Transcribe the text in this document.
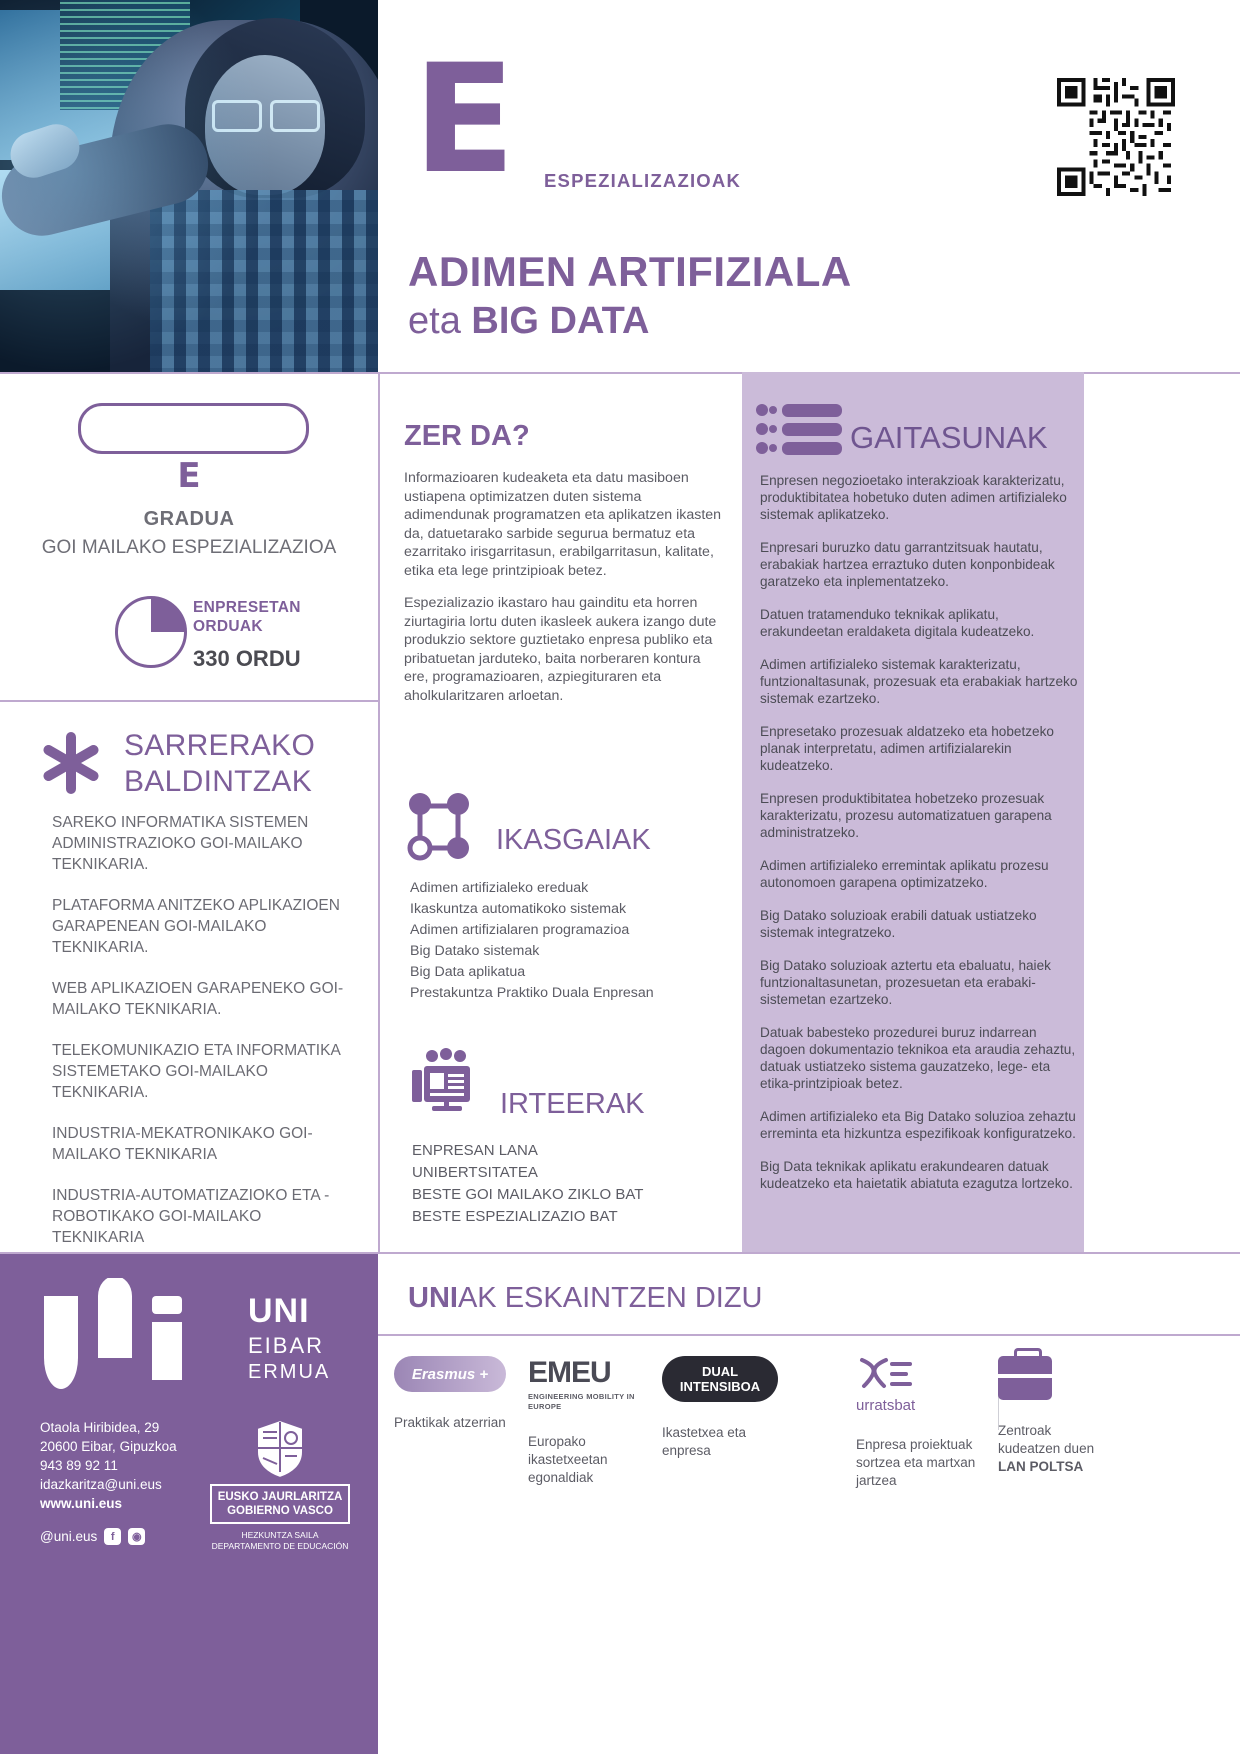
E ESPEZIALIZAZIOAK
ADIMEN ARTIFIZIALA
eta BIG DATA
E
GRADUA
GOI MAILAKO ESPEZIALIZAZIOA
ENPRESETAN
ORDUAK
330 ORDU
SARRERAKO
BALDINTZAK

SAREKO INFORMATIKA SISTEMEN ADMINISTRAZIOKO GOI-MAILAKO TEKNIKARIA.

PLATAFORMA ANITZEKO APLIKAZIOEN GARAPENEAN GOI-MAILAKO TEKNIKARIA.

WEB APLIKAZIOEN GARAPENEKO GOI-MAILAKO TEKNIKARIA.

TELEKOMUNIKAZIO ETA INFORMATIKA SISTEMETAKO GOI-MAILAKO TEKNIKARIA.

INDUSTRIA-MEKATRONIKAKO GOI-MAILAKO TEKNIKARIA

INDUSTRIA-AUTOMATIZAZIOKO ETA -ROBOTIKAKO GOI-MAILAKO TEKNIKARIA

ZER DA?

Informazioaren kudeaketa eta datu masiboen ustiapena optimizatzen duten sistema adimendunak programatzen eta aplikatzen ikasten da, datuetarako sarbide segurua bermatuz eta ezarritako irisgarritasun, erabilgarritasun, kalitate, etika eta lege printzipioak betez.

Espezializazio ikastaro hau gainditu eta horren ziurtagiria lortu duten ikasleek aukera izango dute produkzio sektore guztietako enpresa publiko eta pribatuetan jarduteko, baita norberaren kontura ere, programazioaren, azpiegituraren eta aholkularitzaren arloetan.

IKASGAIAK
Adimen artifizialeko ereduak
Ikaskuntza automatikoko sistemak
Adimen artifizialaren programazioa
Big Datako sistemak
Big Data aplikatua
Prestakuntza Praktiko Duala Enpresan
IRTEERAK
ENPRESAN LANA
UNIBERTSITATEA
BESTE GOI MAILAKO ZIKLO BAT
BESTE ESPEZIALIZAZIO BAT
GAITASUNAK

Enpresen negozioetako interakzioak karakterizatu, produktibitatea hobetuko duten adimen artifizialeko sistemak aplikatzeko.

Enpresari buruzko datu garrantzitsuak hautatu, erabakiak hartzea erraztuko duten konponbideak garatzeko eta inplementatzeko.

Datuen tratamenduko teknikak aplikatu, erakundeetan eraldaketa digitala kudeatzeko.

Adimen artifizialeko sistemak karakterizatu, funtzionaltasunak, prozesuak eta erabakiak hartzeko sistemak ezartzeko.

Enpresetako prozesuak aldatzeko eta hobetzeko planak interpretatu, adimen artifizialarekin kudeatzeko.

Enpresen produktibitatea hobetzeko prozesuak karakterizatu, prozesu automatizatuen garapena administratzeko.

Adimen artifizialeko erremintak aplikatu prozesu autonomoen garapena optimizatzeko.

Big Datako soluzioak erabili datuak ustiatzeko sistemak integratzeko.

Big Datako soluzioak aztertu eta ebaluatu, haiek funtzionaltasunetan, prozesuetan eta erabaki-sistemetan ezartzeko.

Datuak babesteko prozedurei buruz indarrean dagoen dokumentazio teknikoa eta araudia zehaztu, datuak ustiatzeko sistema gauzatzeko, lege- eta etika-printzipioak betez.

Adimen artifizialeko eta Big Datako soluzioa zehaztu erreminta eta hizkuntza espezifikoak konfiguratzeko.

Big Data teknikak aplikatu erakundearen datuak kudeatzeko eta haietatik abiatuta ezagutza lortzeko.

UNI
EIBAR
ERMUA
Otaola Hiribidea, 29
20600 Eibar, Gipuzkoa
943 89 92 11
idazkaritza@uni.eus
www.uni.eus
@uni.eus	f	◉
EUSKO JAURLARITZA
GOBIERNO VASCO
HEZKUNTZA SAILA
DEPARTAMENTO DE EDUCACIÓN
UNIAK ESKAINTZEN DIZU
Erasmus +
Praktikak atzerrian
EMEU
ENGINEERING MOBILITY IN EUROPE
Europako ikastetxeetan egonaldiak
DUAL
INTENSIBOA
Ikastetxea eta enpresa
urratsbat
Enpresa proiektuak sortzea eta martxan jartzea
Zentroak kudeatzen duen LAN POLTSA
